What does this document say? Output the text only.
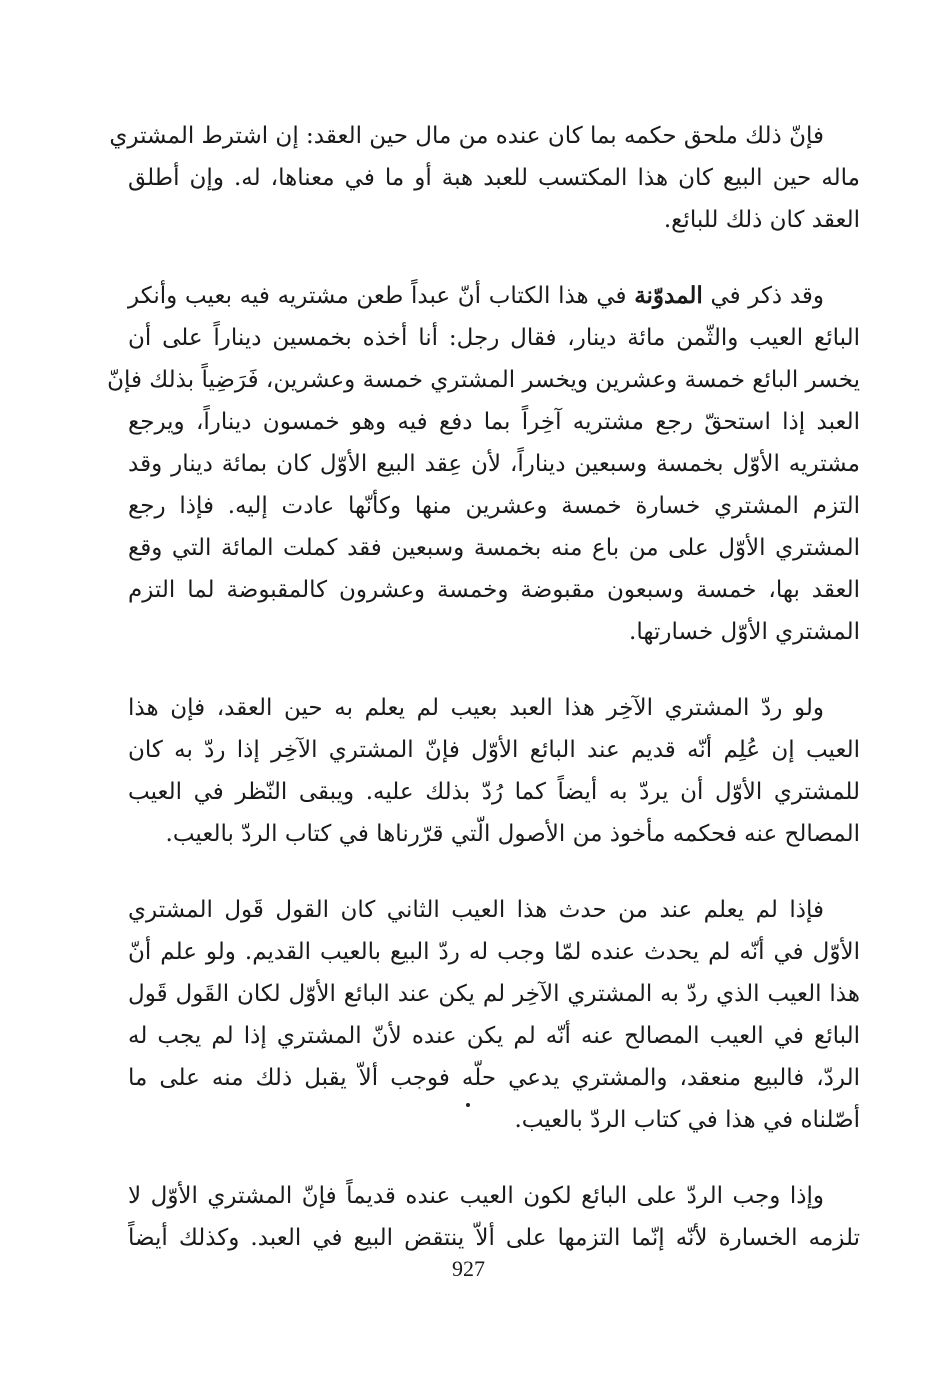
فإنّ ذلك ملحق حكمه بما كان عنده من مال حين العقد: إن اشترط المشتري
ماله حين البيع كان هذا المكتسب للعبد هبة أو ما في معناها، له. وإن أطلق
العقد كان ذلك للبائع.

وقد ذكر في المدوّنة في هذا الكتاب أنّ عبداً طعن مشتريه فيه بعيب وأنكر
البائع العيب والثّمن مائة دينار، فقال رجل: أنا أخذه بخمسين ديناراً على أن
يخسر البائع خمسة وعشرين ويخسر المشتري خمسة وعشرين، فَرَضِياً بذلك فإنّ
العبد إذا استحقّ رجع مشتريه آخِراً بما دفع فيه وهو خمسون ديناراً، ويرجع
مشتريه الأوّل بخمسة وسبعين ديناراً، لأن عِقد البيع الأوّل كان بمائة دينار وقد
التزم المشتري خسارة خمسة وعشرين منها وكأنّها عادت إليه. فإذا رجع
المشتري الأوّل على من باع منه بخمسة وسبعين فقد كملت المائة التي وقع
العقد بها، خمسة وسبعون مقبوضة وخمسة وعشرون كالمقبوضة لما التزم
المشتري الأوّل خسارتها.

ولو ردّ المشتري الآخِر هذا العبد بعيب لم يعلم به حين العقد، فإن هذا
العيب إن عُلِم أنّه قديم عند البائع الأوّل فإنّ المشتري الآخِر إذا ردّ به كان
للمشتري الأوّل أن يردّ به أيضاً كما رُدّ بذلك عليه. ويبقى النّظر في العيب
المصالح عنه فحكمه مأخوذ من الأصول الّتي قرّرناها في كتاب الردّ بالعيب.

فإذا لم يعلم عند من حدث هذا العيب الثاني كان القول قَول المشتري
الأوّل في أنّه لم يحدث عنده لمّا وجب له ردّ البيع بالعيب القديم. ولو علم أنّ
هذا العيب الذي ردّ به المشتري الآخِر لم يكن عند البائع الأوّل لكان القَول قَول
البائع في العيب المصالح عنه أنّه لم يكن عنده لأنّ المشتري إذا لم يجب له
الردّ، فالبيع منعقد، والمشتري يدعي حلّه فوجب ألاّ يقبل ذلك منه على ما
أصّلناه في هذا في كتاب الردّ بالعيب.

وإذا وجب الردّ على البائع لكون العيب عنده قديماً فإنّ المشتري الأوّل لا
تلزمه الخسارة لأنّه إنّما التزمها على ألاّ ينتقض البيع في العبد. وكذلك أيضاً

927
